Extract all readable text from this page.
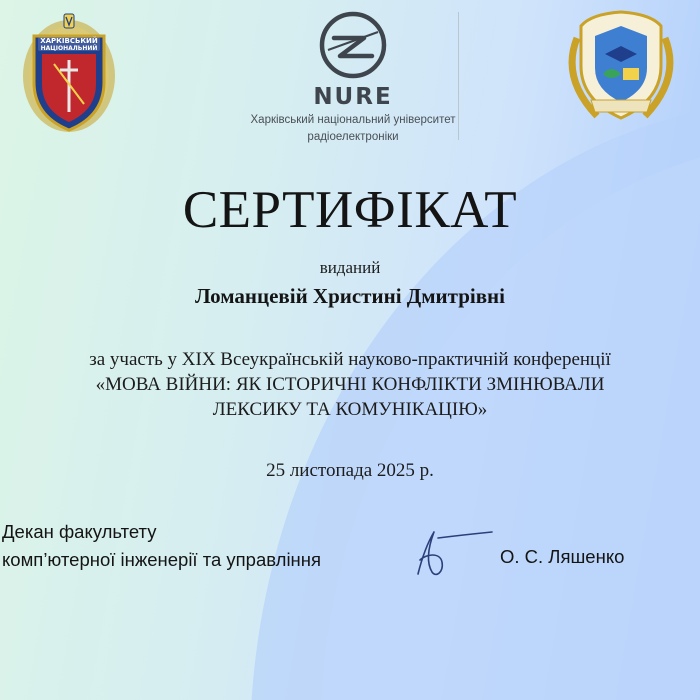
ХАРКІВСЬКИЙ
НАЦІОНАЛЬНИЙ
NURE
Харківський національний університет
радіоелектроніки
СЕРТИФІКАТ
виданий
Ломанцевій Христині Дмитрівні
за участь у XIX Всеукраїнській науково-практичній конференції
«МОВА ВІЙНИ: ЯК ІСТОРИЧНІ КОНФЛІКТИ ЗМІНЮВАЛИ
ЛЕКСИКУ ТА КОМУНІКАЦІЮ»
25 листопада 2025 р.
Декан факультету
комп’ютерної інженерії та управління	О. С. Ляшенко
